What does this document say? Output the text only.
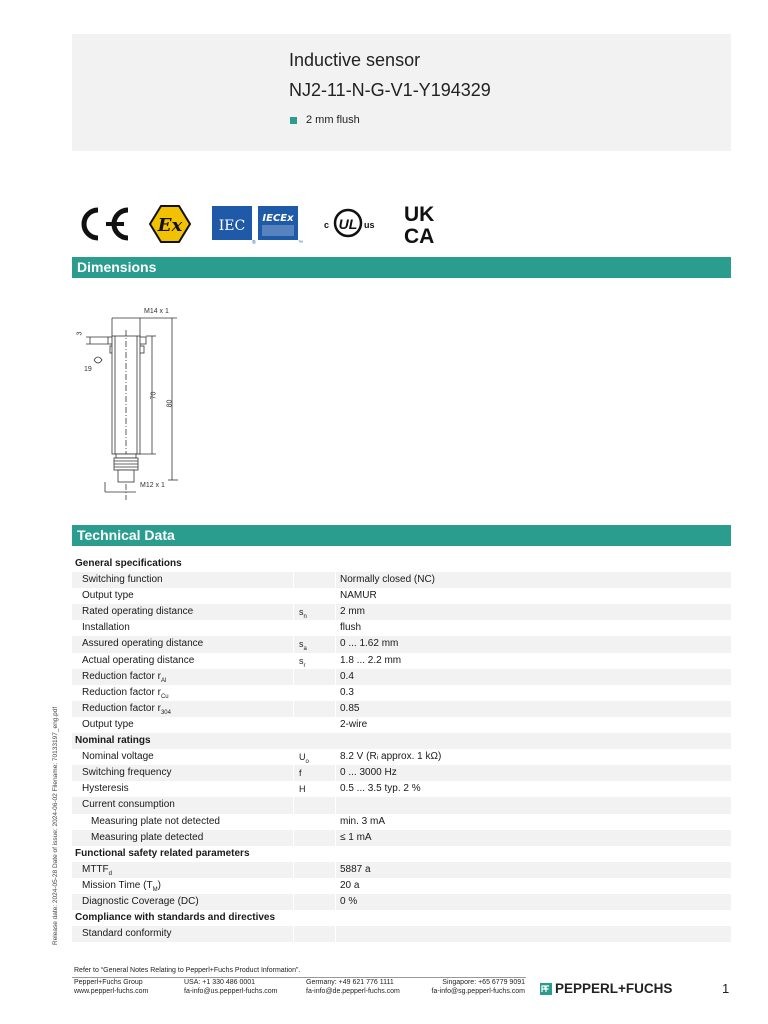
Inductive sensor
NJ2-11-N-G-V1-Y194329
2 mm flush
Ex	IEC
®
IECEx
™
c UL us UK
CA
Dimensions
M14 x 1
M12 x 1
3
19
70
80
Technical Data
General specifications
Switching function	Normally closed (NC)
Output type	NAMUR
Rated operating distance	$s_n$	2 mm
Installation	flush
Assured operating distance	$s_a$	0 ... 1.62 mm
Actual operating distance	$s_r$	1.8 ... 2.2 mm
Reduction factor $r_{Al}$	0.4
Reduction factor $r_{Cu}$	0.3
Reduction factor $r_{304}$	0.85
Output type	2-wire
Nominal ratings
Nominal voltage	$U_o$	8.2 V (Rᵢ approx. 1 kΩ)
Switching frequency	f	0 ... 3000 Hz
Hysteresis	H	0.5 ... 3.5 typ. 2 %
Current consumption
Measuring plate not detected	min. 3 mA
Measuring plate detected	≤ 1 mA
Functional safety related parameters
$MTTF_d$	5887 a
Mission Time $(T_M)$	20 a
Diagnostic Coverage (DC)	0 %
Compliance with standards and directives
Standard conformity
Release date: 2024-05-28 Date of issue: 2024-06-02 Filename: 70133197_eng.pdf
Refer to “General Notes Relating to Pepperl+Fuchs Product Information”.
Pepperl+Fuchs Group
www.pepperl-fuchs.com
USA: +1 330 486 0001
fa-info@us.pepperl-fuchs.com
Germany: +49 621 776 1111
fa-info@de.pepperl-fuchs.com
Singapore: +65 6779 9091
fa-info@sg.pepperl-fuchs.com PEPPERL+FUCHS	1
